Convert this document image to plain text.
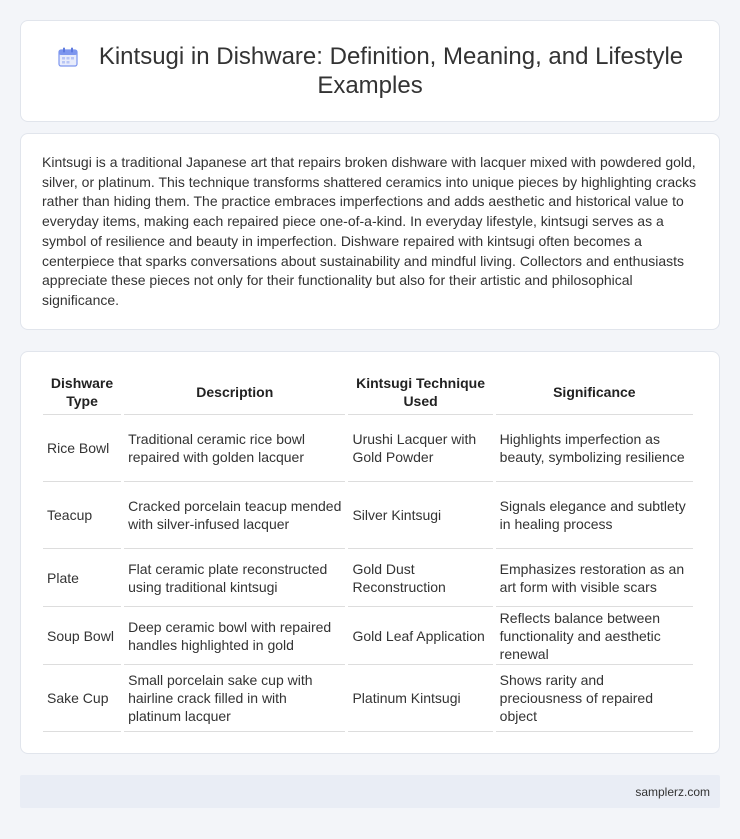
Kintsugi in Dishware: Definition, Meaning, and Lifestyle Examples

Kintsugi is a traditional Japanese art that repairs broken dishware with lacquer mixed with powdered gold, silver, or platinum. This technique transforms shattered ceramics into unique pieces by highlighting cracks rather than hiding them. The practice embraces imperfections and adds aesthetic and historical value to everyday items, making each repaired piece one-of-a-kind. In everyday lifestyle, kintsugi serves as a symbol of resilience and beauty in imperfection. Dishware repaired with kintsugi often becomes a centerpiece that sparks conversations about sustainability and mindful living. Collectors and enthusiasts appreciate these pieces not only for their functionality but also for their artistic and philosophical significance.

Dishware Type	Description	Kintsugi Technique Used	Significance
Rice Bowl	Traditional ceramic rice bowl repaired with golden lacquer	Urushi Lacquer with Gold Powder	Highlights imperfection as beauty, symbolizing resilience
Teacup	Cracked porcelain teacup mended with silver-infused lacquer	Silver Kintsugi	Signals elegance and subtlety in healing process
Plate	Flat ceramic plate reconstructed using traditional kintsugi	Gold Dust Reconstruction	Emphasizes restoration as an art form with visible scars
Soup Bowl	Deep ceramic bowl with repaired handles highlighted in gold	Gold Leaf Application	Reflects balance between functionality and aesthetic renewal
Sake Cup	Small porcelain sake cup with hairline crack filled in with platinum lacquer	Platinum Kintsugi	Shows rarity and preciousness of repaired object
samplerz.com
